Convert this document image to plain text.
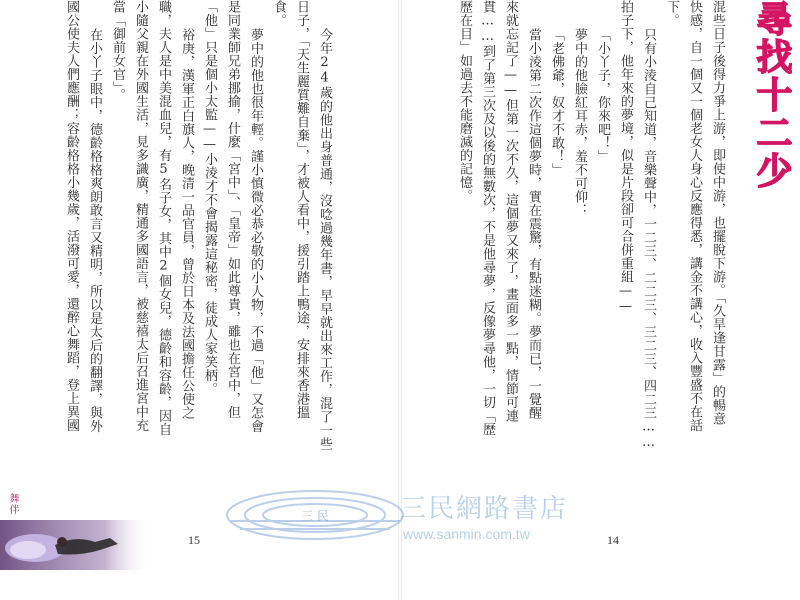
混些日子後得力爭上游，即使中游，也擺脫下游。「久旱逢甘露」的暢意
快感，自一個又一個老女人身心反應得悉，講金不講心，收入豐盛不在話
下。
只有小淩自己知道，音樂聲中，一二三、二二三、三二三、四二三……
拍子下，他年來的夢境，似是片段卻可合併重組——
「小丫子，你來吧！」
夢中的他臉紅耳赤，羞不可仰：
「老佛爺，奴才不敢！」
當小淩第二次作這個夢時，實在震驚，有點迷糊。夢而已，一覺醒
來就忘記了——但第一次不久，這個夢又來了，畫面多一點，情節可連
貫……到了第三次及以後的無數次，不是他尋夢，反像夢尋他，一切「歷
歷在目」如過去不能磨滅的記憶。
14
今年24歲的他出身普通，沒唸過幾年書，早早就出來工作，混了一些
日子，「天生麗質難自棄」，才被人看中，援引踏上鴨途，安排來香港搵
食。
夢中的他也很年輕。謹小慎微必恭必敬的小人物，不過「他」又怎會
是同業師兄弟挪揄，什麼「宮中」、「皇帝」如此尊貴，雖也在宮中，但
「他」只是個小太監——小淩才不會揭露這秘密，徒成人家笑柄。
裕庚，漢軍正白旗人，晚清一品官員，曾於日本及法國擔任公使之
職，夫人是中美混血兒，有5名子女，其中2個女兒，德齡和容齡，因自
小隨父親在外國生活，見多識廣，精通多國語言，被慈禧太后召進宮中充
當「御前女官」。
在小丫子眼中，德齡格格爽朗敢言又精明，所以是太后的翻譯，與外
國公使夫人們應酬；容齡格格小幾歲，活潑可愛，還醉心舞蹈，登上異國
15
尋找十二少
舞伴
三 民	三民網路書店
www.sanmin.com.tw
